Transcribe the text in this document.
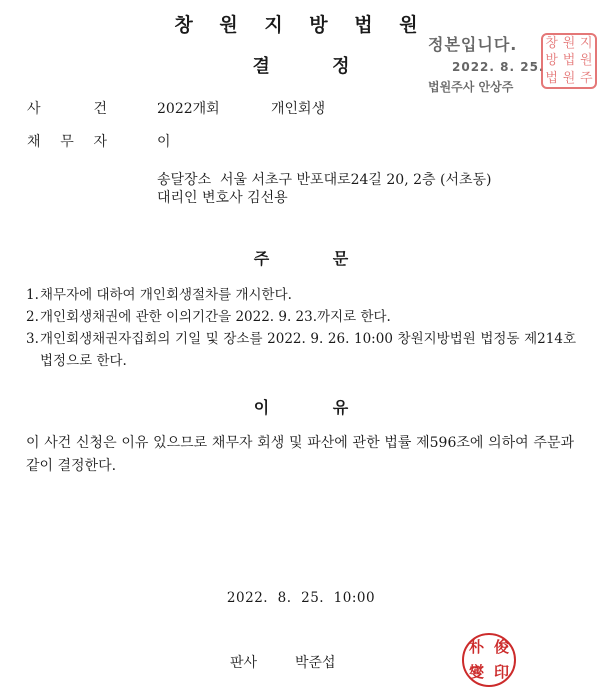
창 원 지 방 법 원
결 정
정본입니다.
2022. 8. 25.
법원주사 안상주
창 원 지
방 법 원
법 원 주
사	건	2022개회	개인회생
채 무 자	이
송달장소  서울 서초구 반포대로24길 20, 2층 (서초동)
대리인 변호사 김선용
주 문
1. 채무자에 대하여 개인회생절차를 개시한다.
2. 개인회생채권에 관한 이의기간을 2022. 9. 23.까지로 한다.
3. 개인회생채권자집회의 기일 및 장소를 2022. 9. 26. 10:00 창원지방법원 법정동 제214호 법정으로 한다.
이 유
이 사건 신청은 이유 있으므로 채무자 회생 및 파산에 관한 법률 제596조에 의하여 주문과 같이 결정한다.
2022.  8.  25.  10:00
판사	박준섭
朴 俊
燮 印
